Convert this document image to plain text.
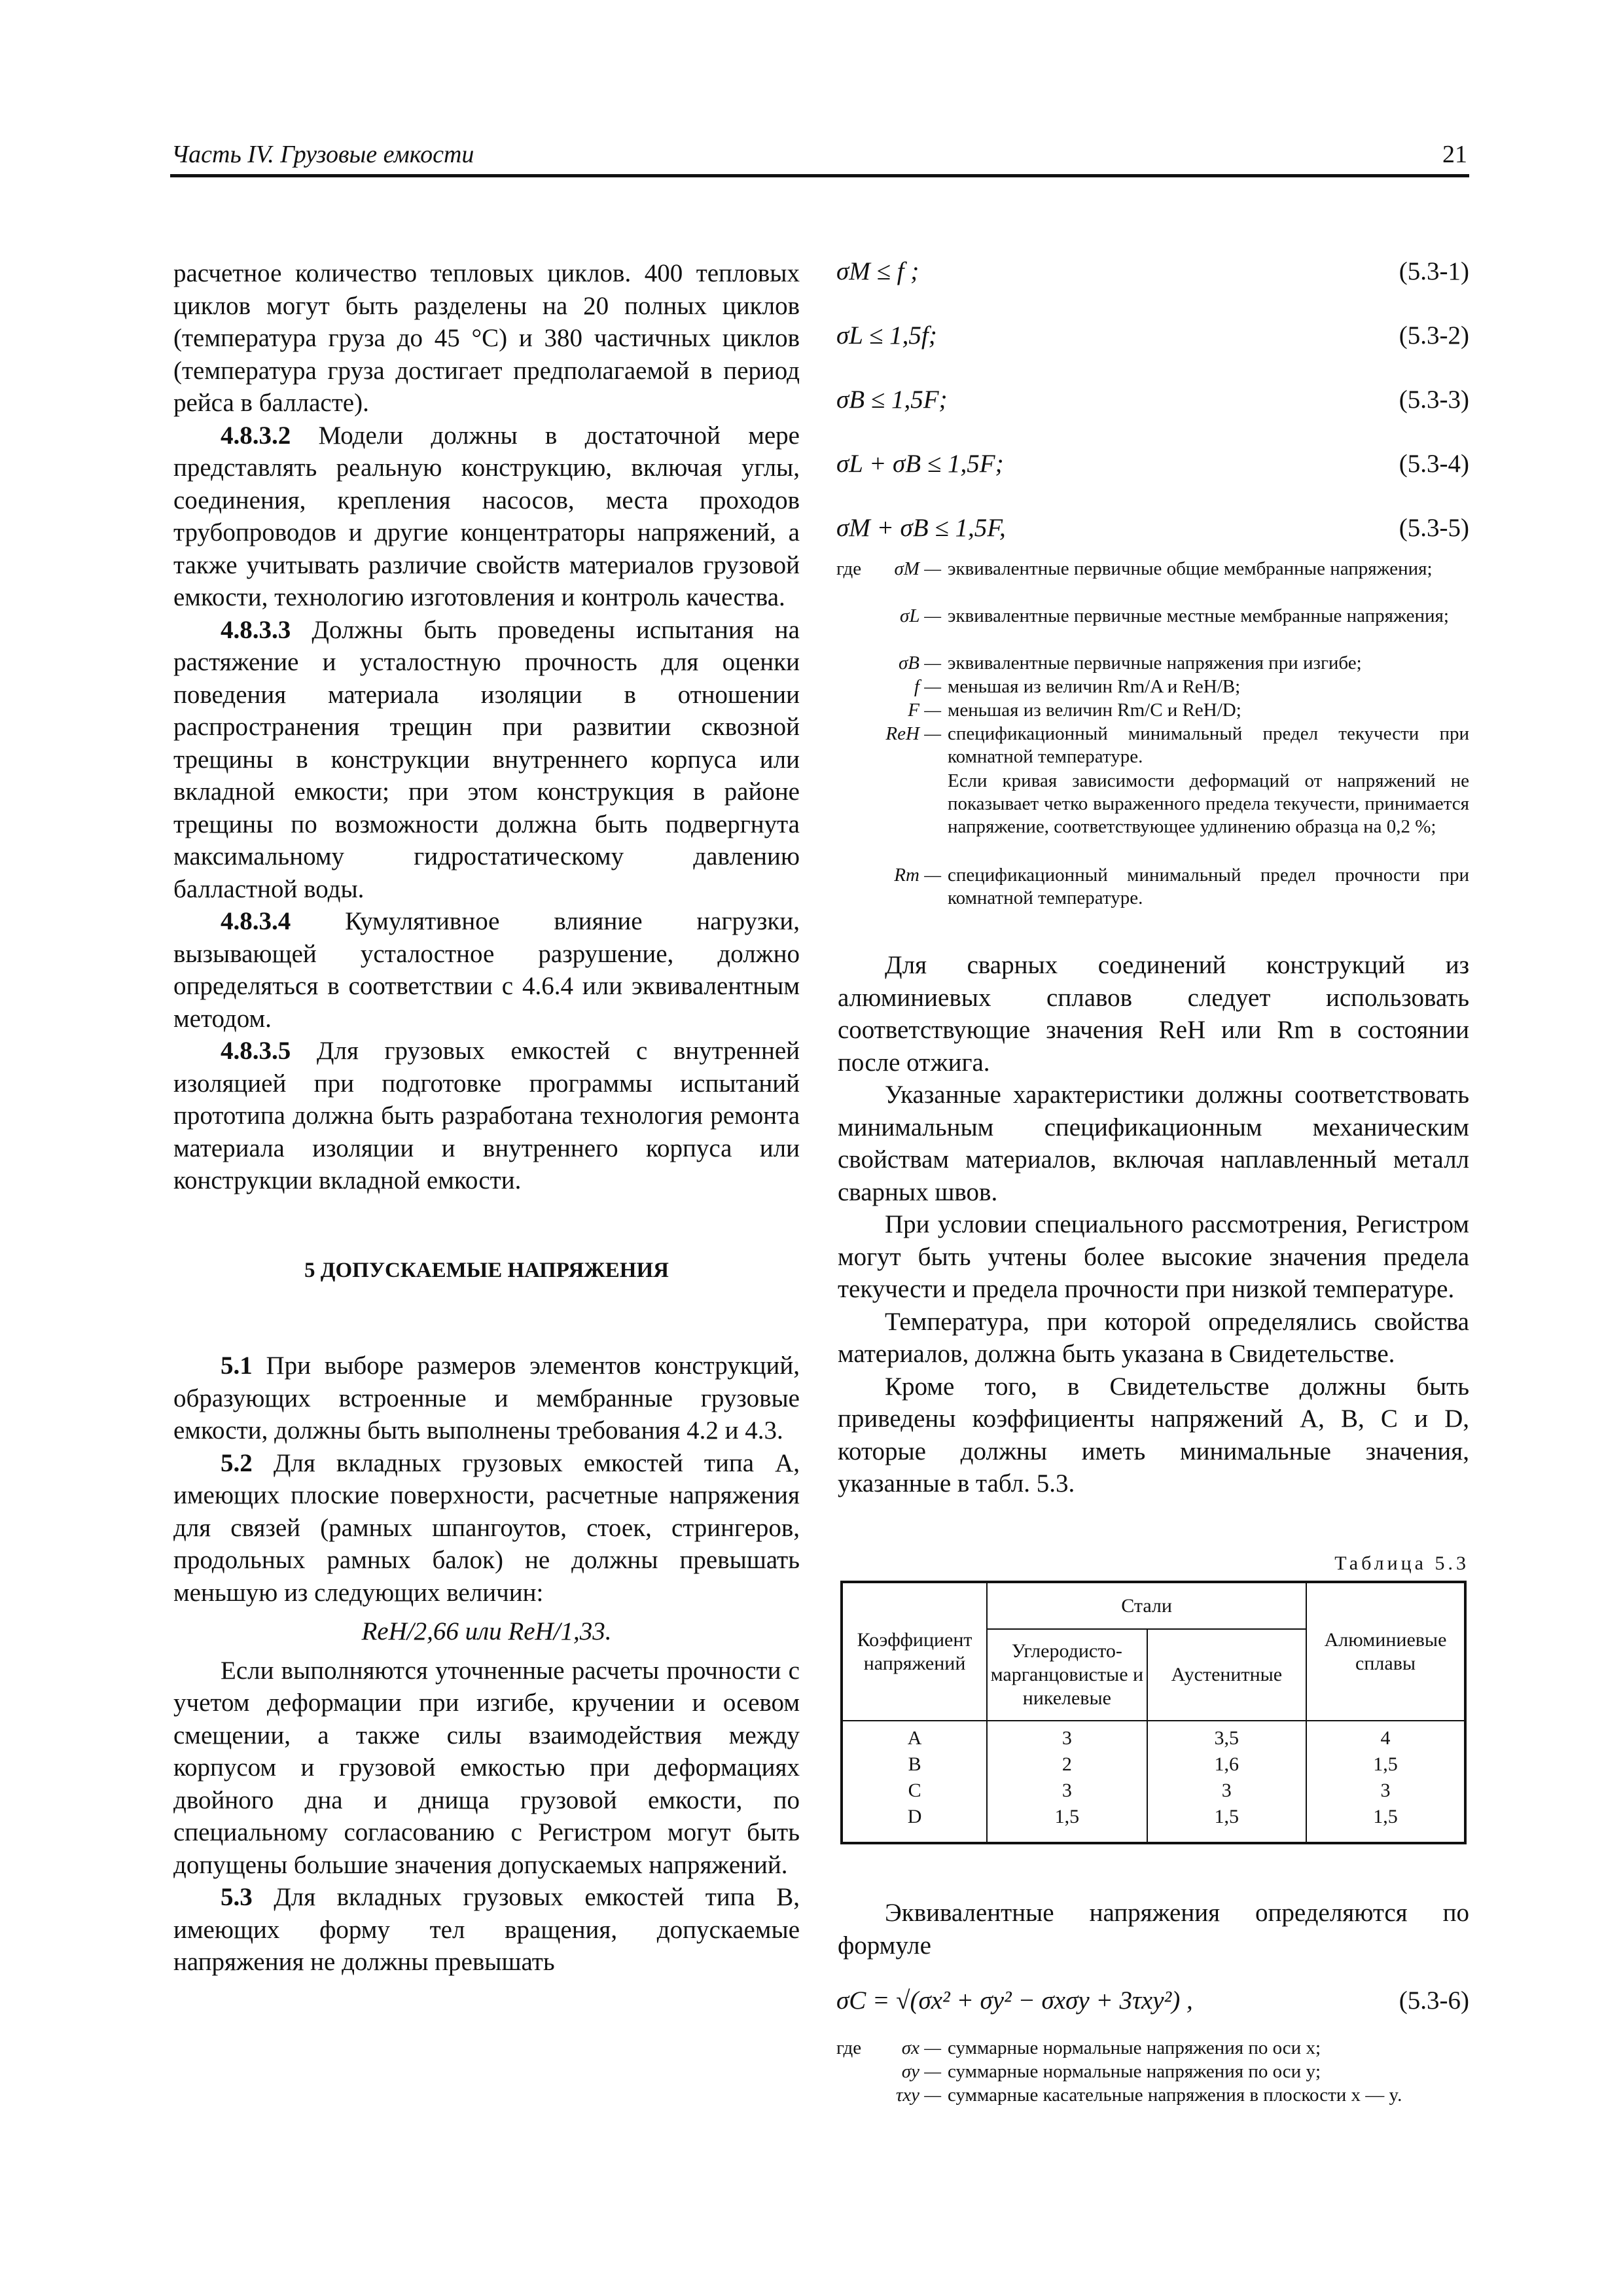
Часть IV. Грузовые емкости	21

расчетное количество тепловых циклов. 400 тепловых циклов могут быть разделены на 20 полных циклов (температура груза до 45 °C) и 380 частичных циклов (температура груза достигает предполагаемой в период рейса в балласте).

4.8.3.2 Модели должны в достаточной мере представлять реальную конструкцию, включая углы, соединения, крепления насосов, места проходов трубопроводов и другие концентраторы напряжений, а также учитывать различие свойств материалов грузовой емкости, технологию изготовления и контроль качества.

4.8.3.3 Должны быть проведены испытания на растяжение и усталостную прочность для оценки поведения материала изоляции в отношении распространения трещин при развитии сквозной трещины в конструкции внутреннего корпуса или вкладной емкости; при этом конструкция в районе трещины по возможности должна быть подвергнута максимальному гидростатическому давлению балластной воды.

4.8.3.4 Кумулятивное влияние нагрузки, вызывающей усталостное разрушение, должно определяться в соответствии с 4.6.4 или эквивалентным методом.

4.8.3.5 Для грузовых емкостей с внутренней изоляцией при подготовке программы испытаний прототипа должна быть разработана технология ремонта материала изоляции и внутреннего корпуса или конструкции вкладной емкости.

5 ДОПУСКАЕМЫЕ НАПРЯЖЕНИЯ

5.1 При выборе размеров элементов конструкций, образующих встроенные и мембранные грузовые емкости, должны быть выполнены требования 4.2 и 4.3.

5.2 Для вкладных грузовых емкостей типа A, имеющих плоские поверхности, расчетные напряжения для связей (рамных шпангоутов, стоек, стрингеров, продольных рамных балок) не должны превышать меньшую из следующих величин:

ReH/2,66 или ReH/1,33.

Если выполняются уточненные расчеты прочности с учетом деформации при изгибе, кручении и осевом смещении, а также силы взаимодействия между корпусом и грузовой емкостью при деформациях двойного дна и днища грузовой емкости, по специальному согласованию с Регистром могут быть допущены большие значения допускаемых напряжений.

5.3 Для вкладных грузовых емкостей типа B, имеющих форму тел вращения, допускаемые напряжения не должны превышать

σM ≤ f ;	(5.3-1)
σL ≤ 1,5f;	(5.3-2)
σB ≤ 1,5F;	(5.3-3)
σL + σB ≤ 1,5F;	(5.3-4)
σM + σB ≤ 1,5F,	(5.3-5)
где	σM — эквивалентные первичные общие мембранные напряжения;
σL — эквивалентные первичные местные мембранные напряжения;
σB — эквивалентные первичные напряжения при изгибе;
f — меньшая из величин Rm/A и ReH/B;
F — меньшая из величин Rm/C и ReH/D;
ReH — спецификационный минимальный предел текучести при комнатной температуре.
Если кривая зависимости деформаций от напряжений не показывает четко выраженного предела текучести, принимается напряжение, соответствующее удлинению образца на 0,2 %;
Rm — спецификационный минимальный предел прочности при комнатной температуре.

Для сварных соединений конструкций из алюминиевых сплавов следует использовать соответствующие значения ReH или Rm в состоянии после отжига.

Указанные характеристики должны соответствовать минимальным спецификационным механическим свойствам материалов, включая наплавленный металл сварных швов.

При условии специального рассмотрения, Регистром могут быть учтены более высокие значения предела текучести и предела прочности при низкой температуре.

Температура, при которой определялись свойства материалов, должна быть указана в Свидетельстве.

Кроме того, в Свидетельстве должны быть приведены коэффициенты напряжений A, B, C и D, которые должны иметь минимальные значения, указанные в табл. 5.3.

Таблица 5.3
Коэффициент напряжений	Стали		Алюминиевые сплавы
	Углеродисто-марганцовистые и никелевые	Аустенитные	
A	3	3,5	4
B	2	1,6	1,5
C	3	3	3
D	1,5	1,5	1,5

Эквивалентные напряжения определяются по формуле

σC = √(σx² + σy² − σxσy + 3τxy²) ,	(5.3-6)
где	σx — суммарные нормальные напряжения по оси x;
σy — суммарные нормальные напряжения по оси y;
τxy — суммарные касательные напряжения в плоскости x — y.
